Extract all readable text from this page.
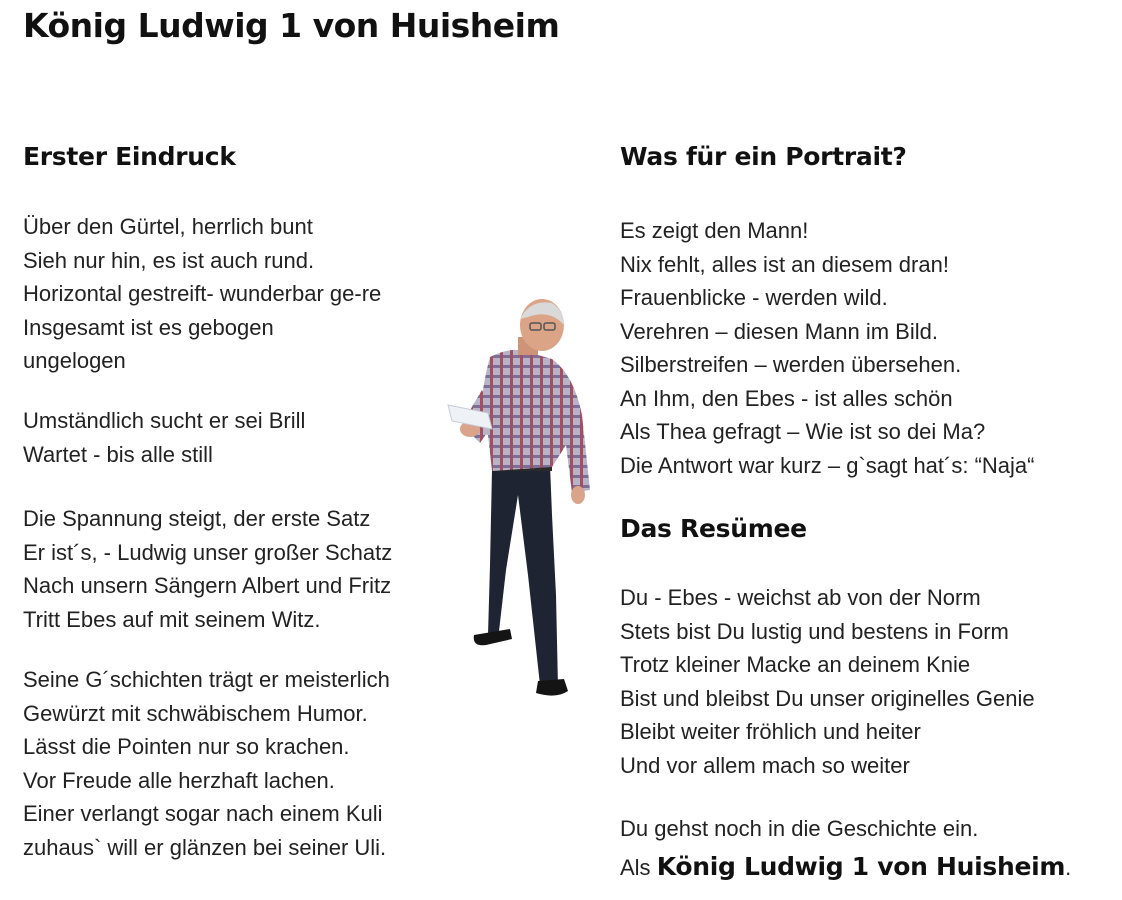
König Ludwig 1 von Huisheim
Erster Eindruck
Über den Gürtel, herrlich bunt
Sieh nur hin, es ist auch rund.
Horizontal gestreift- wunderbar ge-re
Insgesamt ist es gebogen
ungelogen
Umständlich sucht er sei Brill
Wartet - bis alle still
Die Spannung steigt, der erste Satz
Er ist´s, - Ludwig unser großer Schatz
Nach unsern Sängern Albert und Fritz
Tritt Ebes auf mit seinem Witz.
Seine G´schichten trägt er meisterlich
Gewürzt mit schwäbischem Humor.
Lässt die Pointen nur so krachen.
Vor Freude alle herzhaft lachen.
Einer verlangt sogar nach einem Kuli
zuhaus` will er glänzen bei seiner Uli.
Was für ein Portrait?
Es zeigt den Mann!
Nix fehlt, alles ist an diesem dran!
Frauenblicke - werden wild.
Verehren – diesen Mann im Bild.
Silberstreifen – werden übersehen.
An Ihm, den Ebes - ist alles schön
Als Thea gefragt – Wie ist so dei Ma?
Die Antwort war kurz – g`sagt hat´s: “Naja“
Das Resümee
Du - Ebes - weichst ab von der Norm
Stets bist Du lustig und bestens in Form
Trotz kleiner Macke an deinem Knie
Bist und bleibst Du unser originelles Genie
Bleibt weiter fröhlich und heiter
Und vor allem mach so weiter
Du gehst noch in die Geschichte ein.
Als König Ludwig 1 von Huisheim.
